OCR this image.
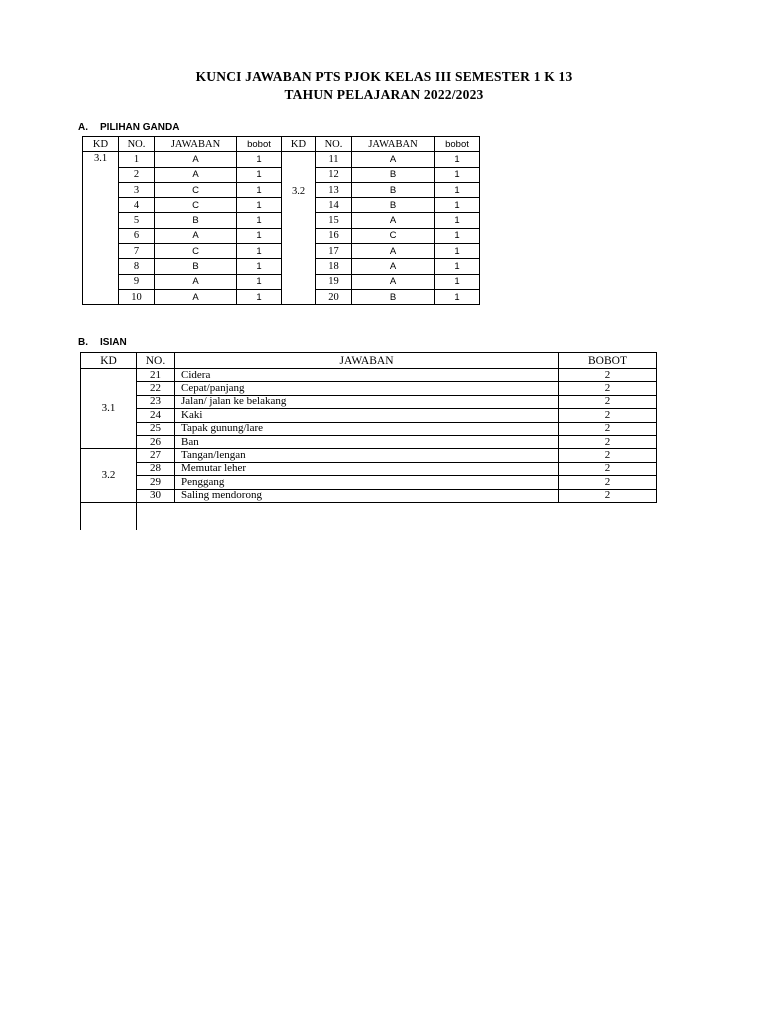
KUNCI JAWABAN PTS PJOK KELAS III SEMESTER 1 K 13
TAHUN PELAJARAN 2022/2023
A. PILIHAN GANDA
KD	NO.	JAWABAN	bobot	KD	NO.	JAWABAN	bobot
3.1	1	A	1	3.2	11	A	1
	2	A	1		12	B	1
	3	C	1		13	B	1
	4	C	1		14	B	1
	5	B	1		15	A	1
	6	A	1		16	C	1
	7	C	1		17	A	1
	8	B	1		18	A	1
	9	A	1		19	A	1
	10	A	1		20	B	1
B. ISIAN
KD	NO.	JAWABAN	BOBOT
3.1	21	Cidera	2
	22	Cepat/panjang	2
	23	Jalan/ jalan ke belakang	2
	24	Kaki	2
	25	Tapak gunung/lare	2
	26	Ban	2
3.2	27	Tangan/lengan	2
	28	Memutar leher	2
	29	Penggang	2
	30	Saling mendorong	2
